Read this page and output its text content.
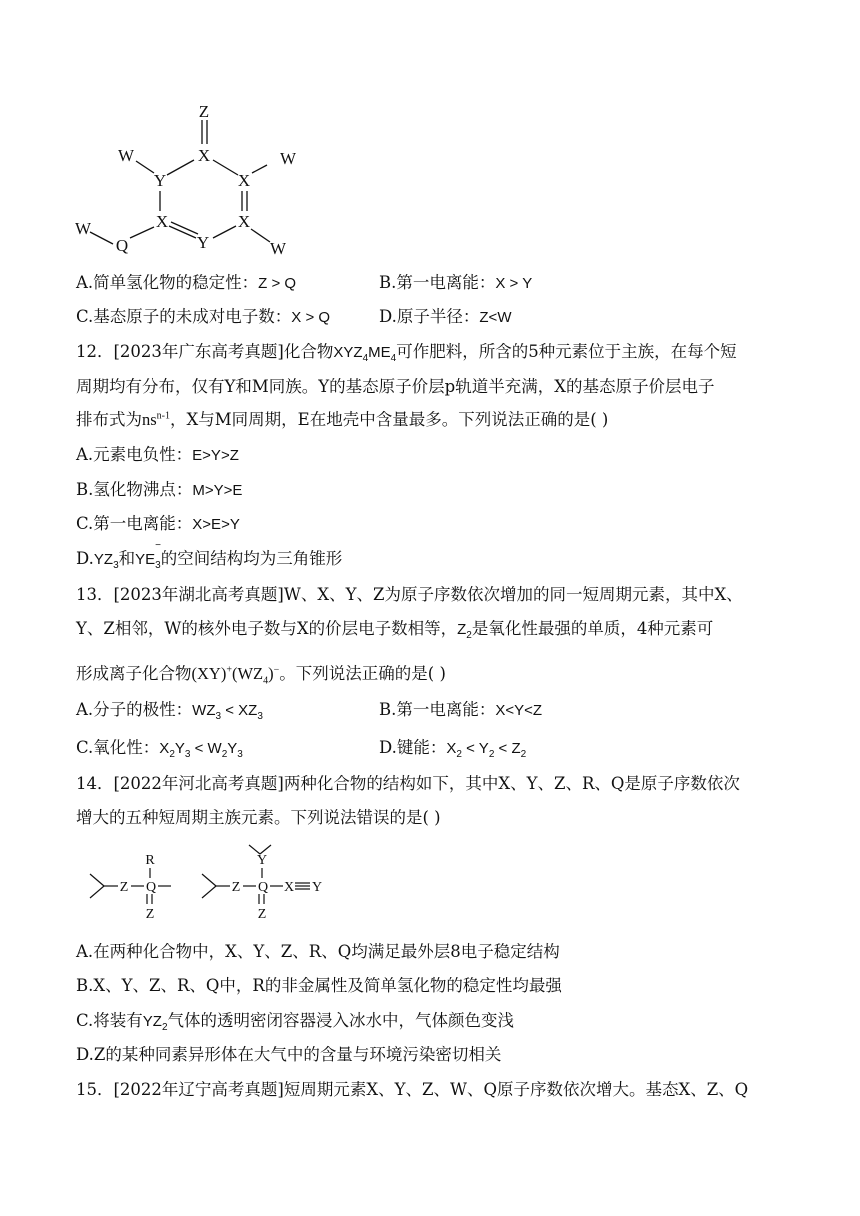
Z
X
W
Y	X
W
X	X
W
Q	Y	W
A.简单氢化物的稳定性：Z > Q	B.第一电离能：X > Y
C.基态原子的未成对电子数：X > Q	D.原子半径：Z<W
12．[2023年广东高考真题]化合物$XYZ_4ME_4$可作肥料，所含的5种元素位于主族，在每个短
周期均有分布，仅有Y和M同族。Y的基态原子价层p轨道半充满，X的基态原子价层电子
排布式为$ns^{n-1}$，X与M同周期，E在地壳中含量最多。下列说法正确的是( )
A.元素电负性：E>Y>Z
B.氢化物沸点：M>Y>E
C.第一电离能：X>E>Y
$D.YZ_3$和YE
$_{- 3}$的空间结构均为三角锥形
13．[2023年湖北高考真题]W、X、Y、Z为原子序数依次增加的同一短周期元素，其中X、
Y、Z相邻，W的核外电子数与X的价层电子数相等，$Z_2$是氧化性最强的单质，4种元素可
形成离子化合物$(XY)^+(WZ_4)^-$。下列说法正确的是( )
A.分子的极性：$WZ_3 < XZ_3$	B.第一电离能：X<Y<Z
C.氧化性：$X_2Y_3 < W_2Y_3$	D.键能：$X_2 < Y_2 < Z_2$
14．[2022年河北高考真题]两种化合物的结构如下，其中X、Y、Z、R、Q是原子序数依次
增大的五种短周期主族元素。下列说法错误的是( )
Z
R
Q
Z
Z
Y
Q
Z
X Y
A.在两种化合物中，X、Y、Z、R、Q均满足最外层8电子稳定结构
B.X、Y、Z、R、Q中，R的非金属性及简单氢化物的稳定性均最强
C.将装有$YZ_2$气体的透明密闭容器浸入冰水中，气体颜色变浅
D.Z的某种同素异形体在大气中的含量与环境污染密切相关
15．[2022年辽宁高考真题]短周期元素X、Y、Z、W、Q原子序数依次增大。基态X、Z、Q
